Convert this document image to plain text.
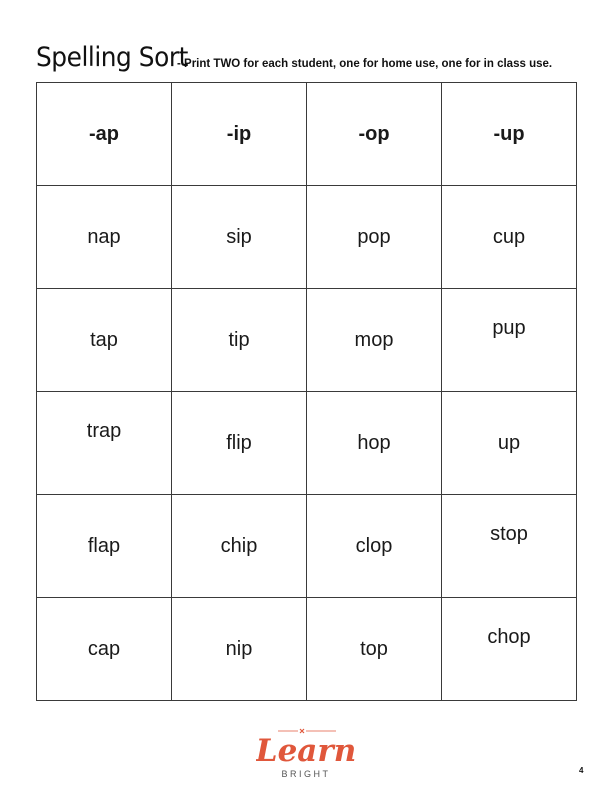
Spelling Sort
- Print TWO for each student, one for home use, one for in class use.
-ap	-ip	-op	-up
nap	sip	pop	cup
tap	tip	mop	pup
trap	flip	hop	up
flap	chip	clop	stop
cap	nip	top	chop
Learn
BRIGHT	4
